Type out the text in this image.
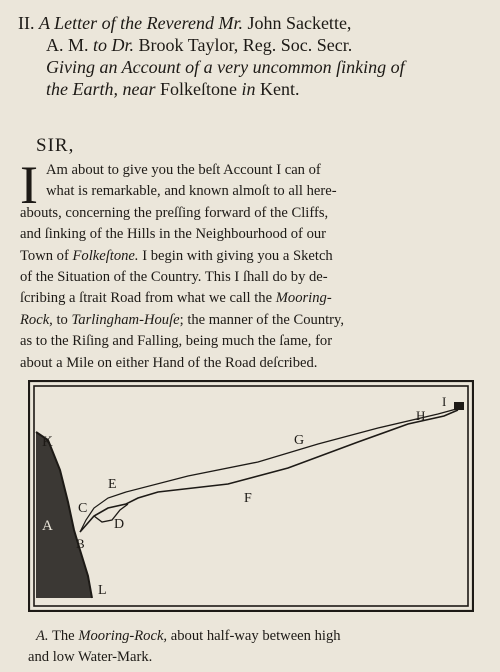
II. A Letter of the Reverend Mr. John Sackette,
A. M. to Dr. Brook Taylor, Reg. Soc. Secr.
Giving an Account of a very uncommon ſinking of
the Earth, near Folkeſtone in Kent.
SIR,
I Am about to give you the beſt Account I can of
what is remarkable, and known almoſt to all here-
abouts, concerning the preſſing forward of the Cliffs,
and ſinking of the Hills in the Neighbourhood of our
Town of Folkeſtone. I begin with giving you a Sketch
of the Situation of the Country. This I ſhall do by de-
ſcribing a ſtrait Road from what we call the Mooring-
Rock, to Tarlingham-Houſe; the manner of the Country,
as to the Riſing and Falling, being much the ſame, for
about a Mile on either Hand of the Road deſcribed.
K
A
B
C
D
E
F
G
H
I
L
A. The Mooring-Rock, about half-way between high
and low Water-Mark.
